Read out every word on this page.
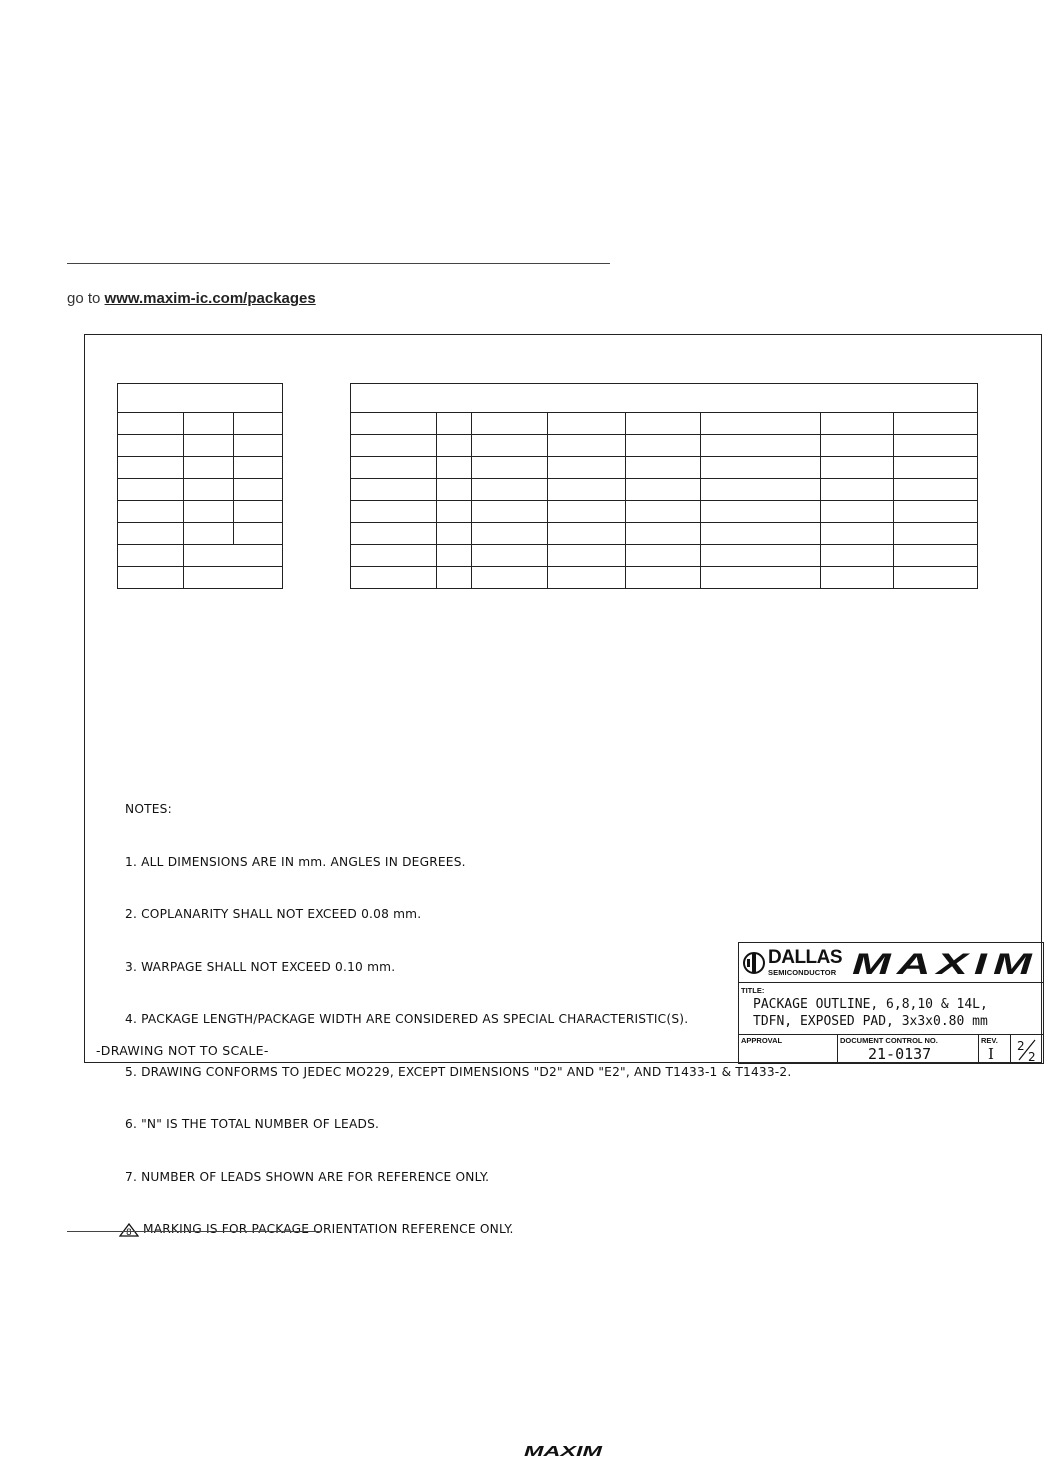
go to www.maxim-ic.com/packages

NOTES:

1. ALL DIMENSIONS ARE IN mm. ANGLES IN DEGREES.

2. COPLANARITY SHALL NOT EXCEED 0.08 mm.

3. WARPAGE SHALL NOT EXCEED 0.10 mm.

4. PACKAGE LENGTH/PACKAGE WIDTH ARE CONSIDERED AS SPECIAL CHARACTERISTIC(S).

5. DRAWING CONFORMS TO JEDEC MO229, EXCEPT DIMENSIONS "D2" AND "E2", AND T1433-1 & T1433-2.

6. "N" IS THE TOTAL NUMBER OF LEADS.

7. NUMBER OF LEADS SHOWN ARE FOR REFERENCE ONLY.

8 MARKING IS FOR PACKAGE ORIENTATION REFERENCE ONLY.

-DRAWING NOT TO SCALE-
DALLAS
SEMICONDUCTOR MAXIM
TITLE:
PACKAGE OUTLINE, 6,8,10 & 14L,
TDFN, EXPOSED PAD, 3x3x0.80 mm
APPROVAL	DOCUMENT CONTROL NO.
21-0137
REV.
I 2
2
MAXIM
